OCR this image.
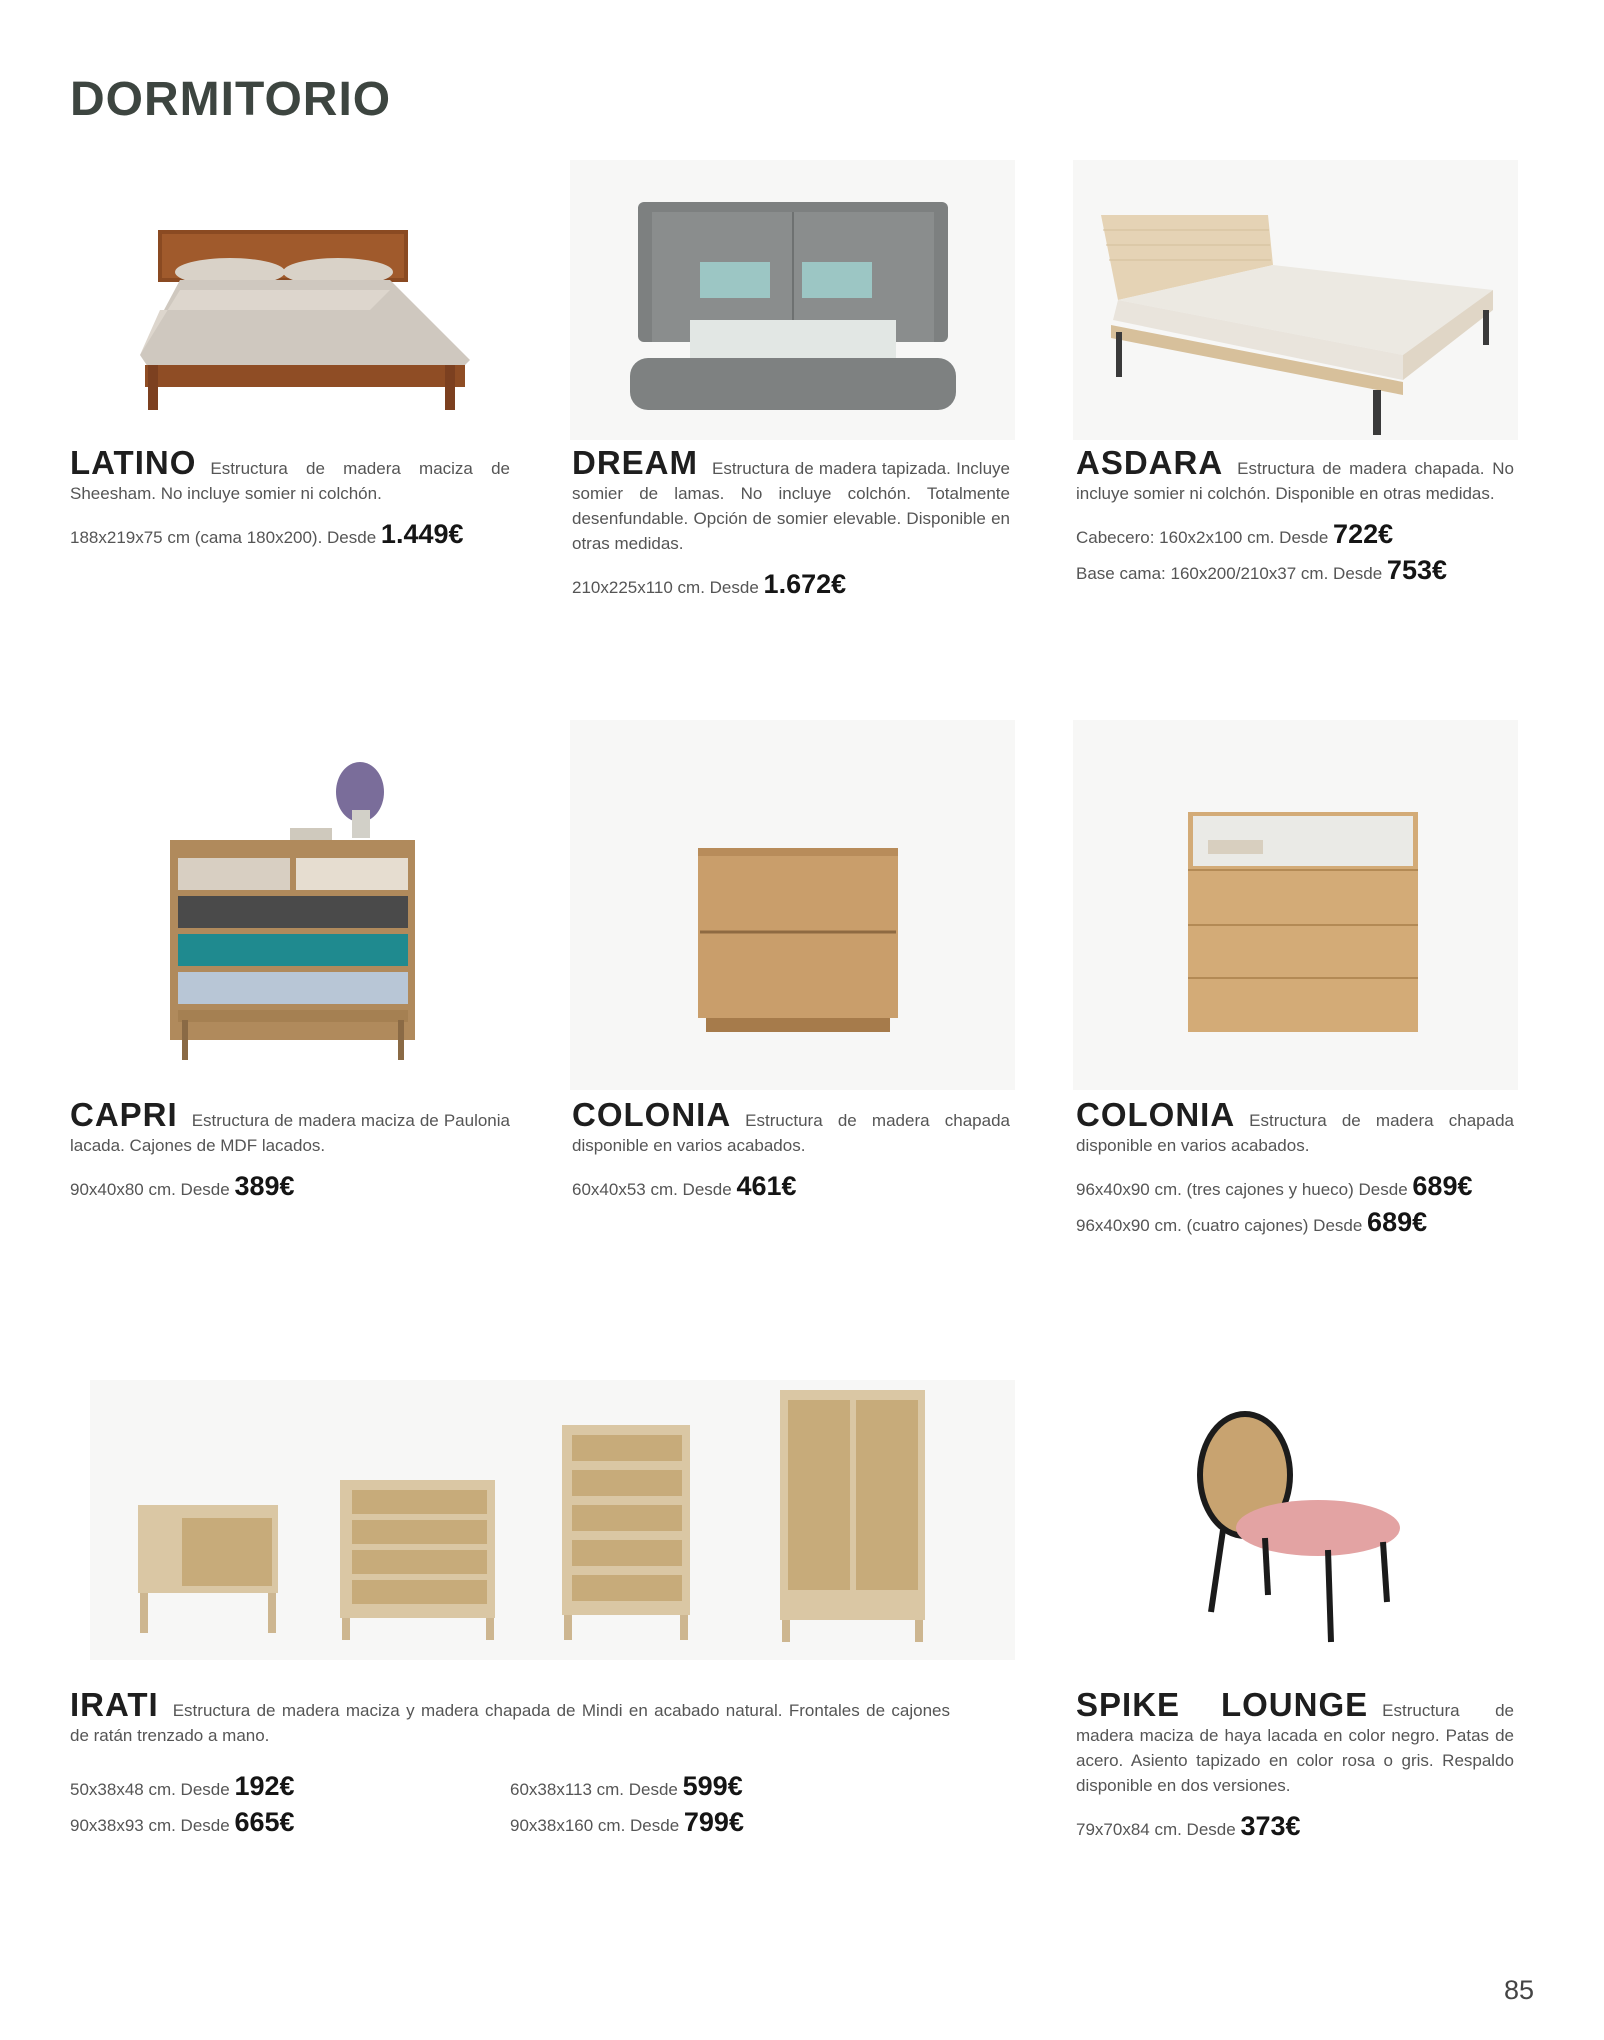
DORMITORIO
LATINO Estructura de madera maciza de Sheesham. No incluye somier ni colchón.
188x219x75 cm (cama 180x200). Desde 1.449€
DREAM Estructura de madera tapizada. Incluye somier de lamas. No incluye colchón. Totalmente desenfundable. Opción de somier elevable. Disponible en otras medidas.
210x225x110 cm. Desde 1.672€
ASDARA Estructura de madera chapada. No incluye somier ni colchón. Disponible en otras medidas.
Cabecero: 160x2x100 cm. Desde 722€
Base cama: 160x200/210x37 cm. Desde 753€
CAPRI Estructura de madera maciza de Paulonia lacada. Cajones de MDF lacados.
90x40x80 cm. Desde 389€
COLONIA Estructura de madera chapada disponible en varios acabados.
60x40x53 cm. Desde 461€
COLONIA Estructura de madera chapada disponible en varios acabados.
96x40x90 cm. (tres cajones y hueco) Desde 689€
96x40x90 cm. (cuatro cajones) Desde 689€
IRATI Estructura de madera maciza y madera chapada de Mindi en acabado natural. Frontales de cajones de ratán trenzado a mano.
50x38x48 cm. Desde 192€
90x38x93 cm. Desde 665€
60x38x113 cm. Desde 599€
90x38x160 cm. Desde 799€
SPIKE LOUNGE Estructura de madera maciza de haya lacada en color negro. Patas de acero. Asiento tapizado en color rosa o gris. Respaldo disponible en dos versiones.
79x70x84 cm. Desde 373€
85
